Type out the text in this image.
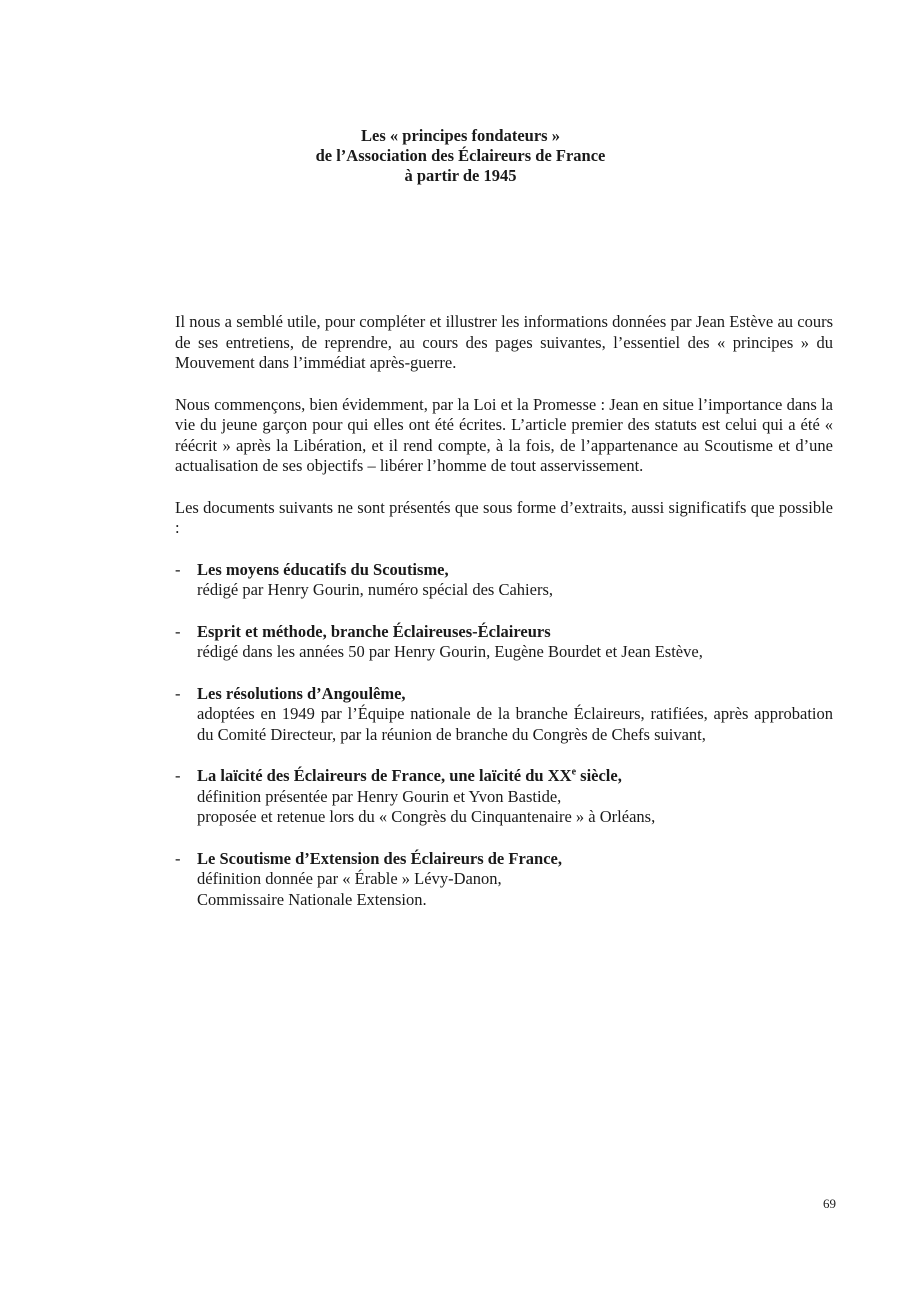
Les « principes fondateurs »
de l’Association des Éclaireurs de France
à partir de 1945

Il nous a semblé utile, pour compléter et illustrer les informations données par Jean Estève au cours de ses entretiens, de reprendre, au cours des pages suivantes, l’essentiel des « principes » du Mouvement dans l’immédiat après-guerre.

Nous commençons, bien évidemment, par la Loi et la Promesse : Jean en situe l’importance dans la vie du jeune garçon pour qui elles ont été écrites. L’article premier des statuts est celui qui a été « réécrit » après la Libération, et il rend compte, à la fois, de l’appartenance au Scoutisme et d’une actualisation de ses objectifs – libérer l’homme de tout asservissement.

Les documents suivants ne sont présentés que sous forme d’extraits, aussi significatifs que possible :

- Les moyens éducatifs du Scoutisme,
rédigé par Henry Gourin, numéro spécial des Cahiers,
- Esprit et méthode, branche Éclaireuses-Éclaireurs
rédigé dans les années 50 par Henry Gourin, Eugène Bourdet et Jean Estève,
- Les résolutions d’Angoulême,
adoptées en 1949 par l’Équipe nationale de la branche Éclaireurs, ratifiées, après approbation du Comité Directeur, par la réunion de branche du Congrès de Chefs suivant,
- La laïcité des Éclaireurs de France, une laïcité du XXe siècle,
définition présentée par Henry Gourin et Yvon Bastide,
proposée et retenue lors du « Congrès du Cinquantenaire » à Orléans,
- Le Scoutisme d’Extension des Éclaireurs de France,
définition donnée par « Érable » Lévy-Danon,
Commissaire Nationale Extension.
69
